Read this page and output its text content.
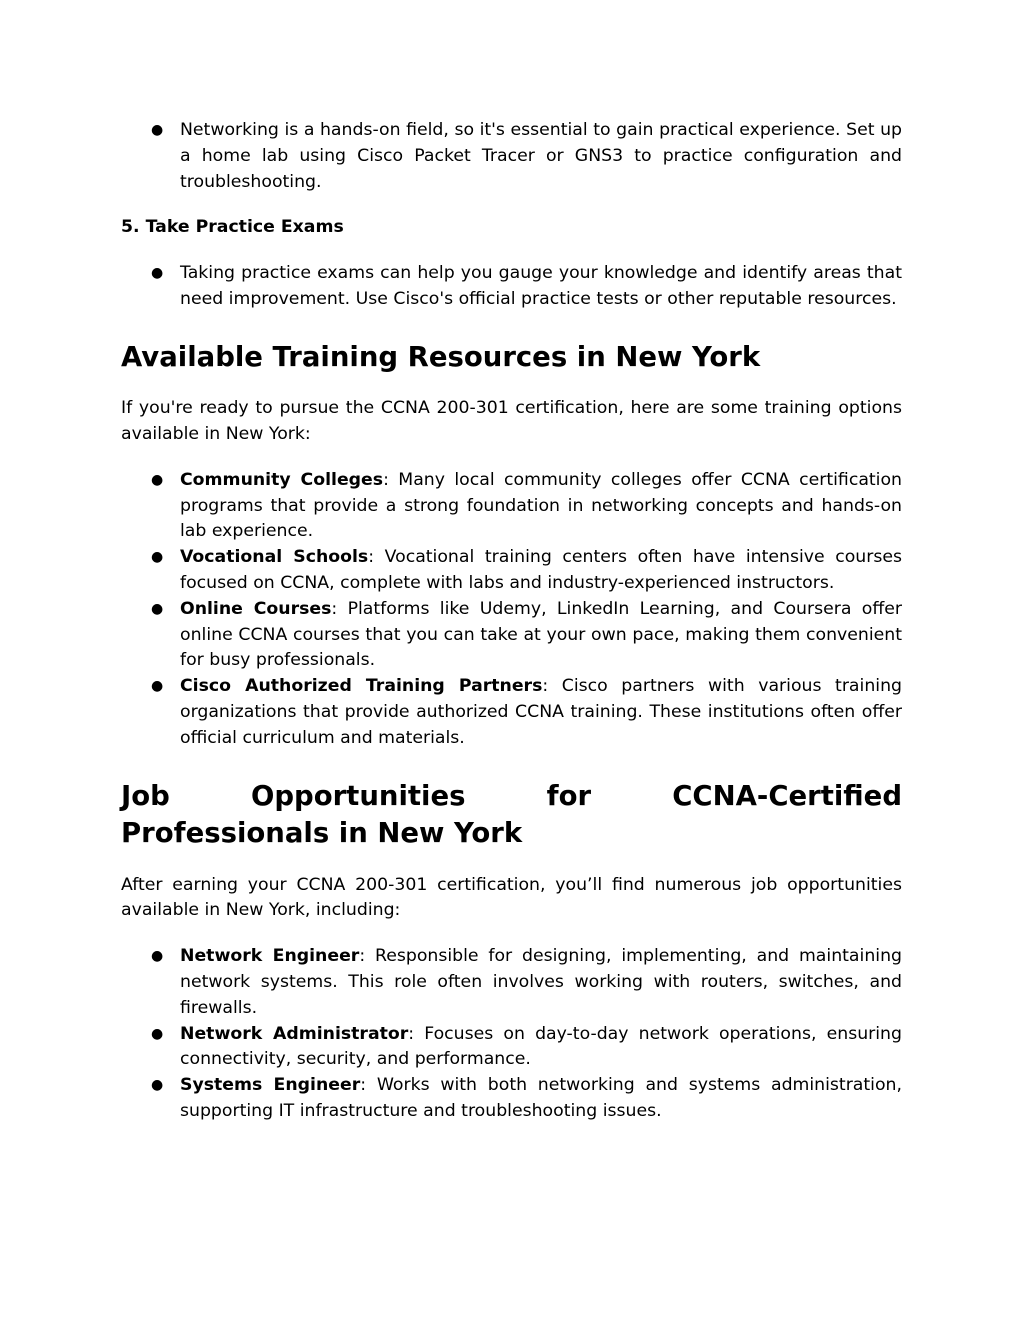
● Networking is a hands-on field, so it's essential to gain practical experience. Set up a home lab using Cisco Packet Tracer or GNS3 to practice configuration and troubleshooting.

5. Take Practice Exams

● Taking practice exams can help you gauge your knowledge and identify areas that need improvement. Use Cisco's official practice tests or other reputable resources.
Available Training Resources in New York

If you're ready to pursue the CCNA 200-301 certification, here are some training options available in New York:

● Community Colleges: Many local community colleges offer CCNA certification programs that provide a strong foundation in networking concepts and hands-on lab experience.
● Vocational Schools: Vocational training centers often have intensive courses focused on CCNA, complete with labs and industry-experienced instructors.
● Online Courses: Platforms like Udemy, LinkedIn Learning, and Coursera offer online CCNA courses that you can take at your own pace, making them convenient for busy professionals.
● Cisco Authorized Training Partners: Cisco partners with various training organizations that provide authorized CCNA training. These institutions often offer official curriculum and materials.
Job Opportunities for CCNA-Certified Professionals in New York

After earning your CCNA 200-301 certification, you’ll find numerous job opportunities available in New York, including:

● Network Engineer: Responsible for designing, implementing, and maintaining network systems. This role often involves working with routers, switches, and firewalls.
● Network Administrator: Focuses on day-to-day network operations, ensuring connectivity, security, and performance.
● Systems Engineer: Works with both networking and systems administration, supporting IT infrastructure and troubleshooting issues.
